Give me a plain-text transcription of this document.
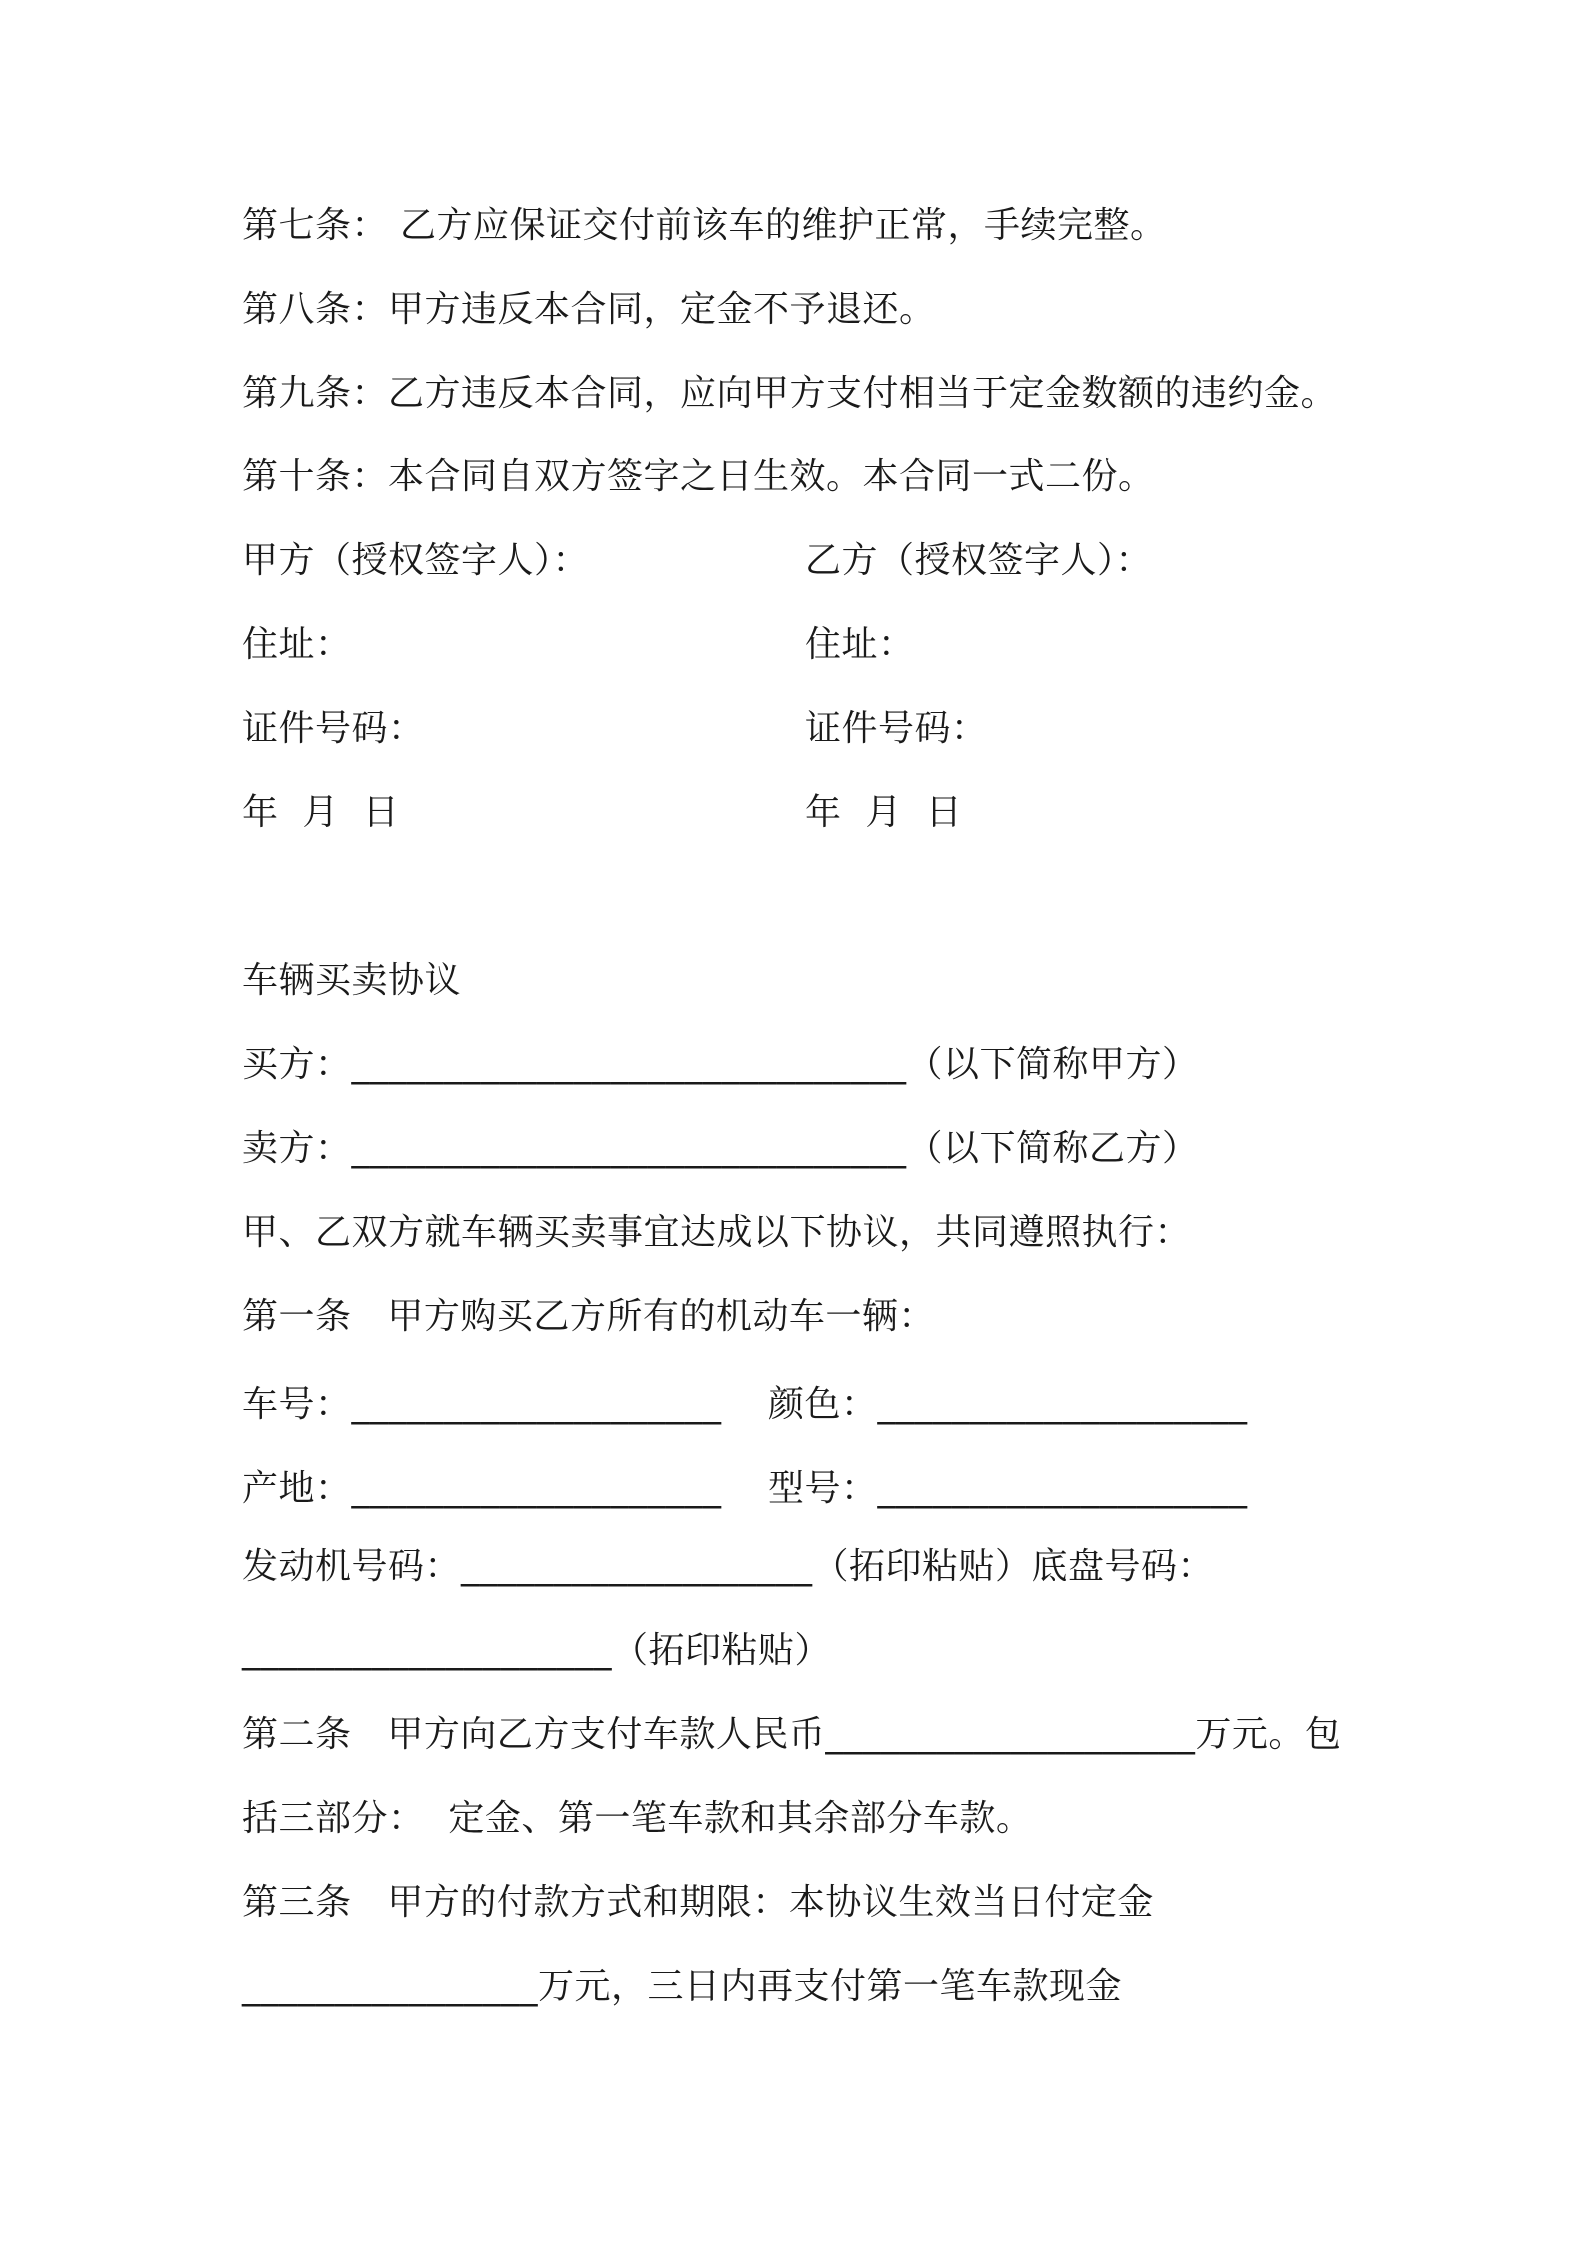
第七条： 乙方应保证交付前该车的维护正常，手续完整。
第八条：甲方违反本合同，定金不予退还。
第九条：乙方违反本合同，应向甲方支付相当于定金数额的违约金。
第十条：本合同自双方签字之日生效。本合同一式二份。
甲方（授权签字人）：	乙方（授权签字人）：
住址：	住址：
证件号码：	证件号码：
年  月  日	年  月  日
车辆买卖协议
买方：______________________________（以下简称甲方）
卖方：______________________________（以下简称乙方）
甲、乙双方就车辆买卖事宜达成以下协议，共同遵照执行：
第一条   甲方购买乙方所有的机动车一辆：
车号：____________________ 颜色：____________________
产地：____________________ 型号：____________________
发动机号码：___________________（拓印粘贴）底盘号码：
____________________（拓印粘贴）
第二条   甲方向乙方支付车款人民币____________________万元。包
括三部分：  定金、第一笔车款和其余部分车款。
第三条   甲方的付款方式和期限：本协议生效当日付定金
________________万元，三日内再支付第一笔车款现金
